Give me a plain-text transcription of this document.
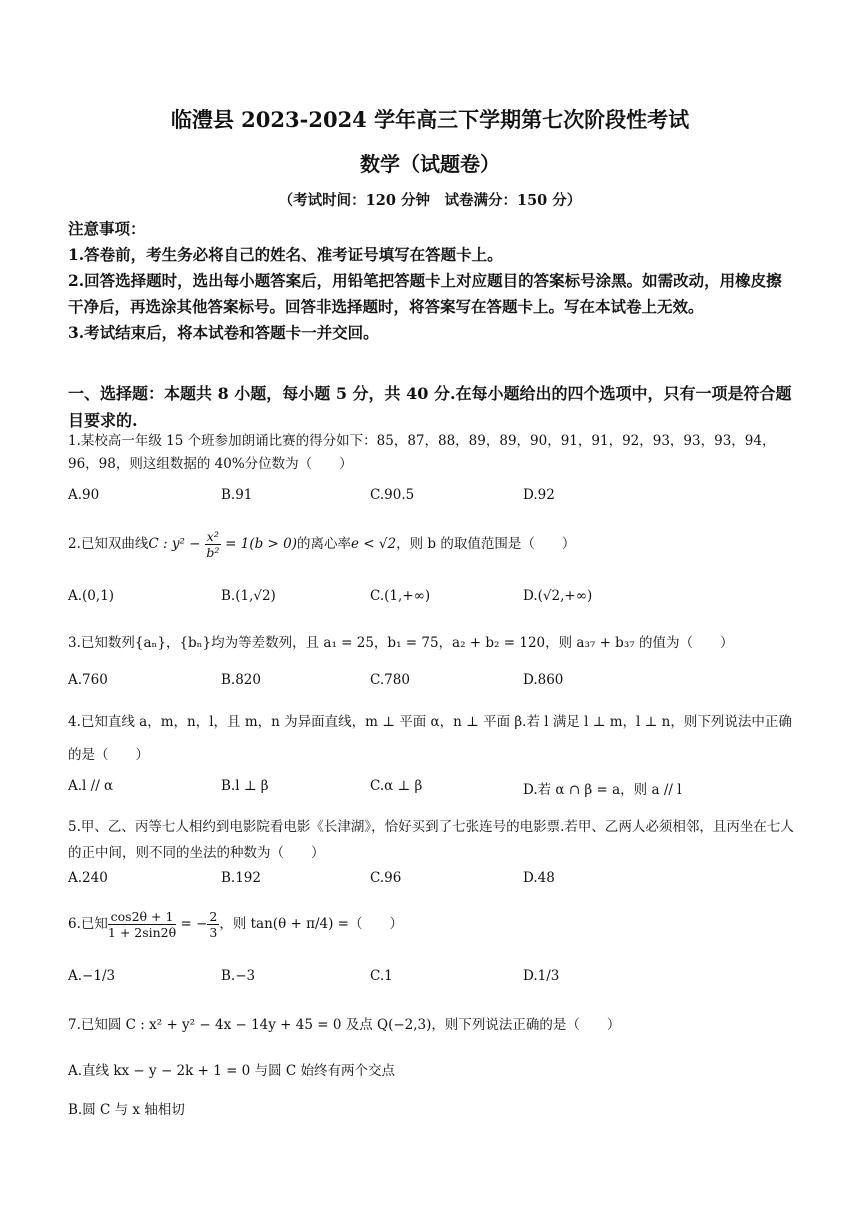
临澧县 2023-2024 学年高三下学期第七次阶段性考试
数学（试题卷）
（考试时间：120 分钟　试卷满分：150 分）

注意事项：

1.答卷前，考生务必将自己的姓名、准考证号填写在答题卡上。

2.回答选择题时，选出每小题答案后，用铅笔把答题卡上对应题目的答案标号涂黑。如需改动，用橡皮擦干净后，再选涂其他答案标号。回答非选择题时，将答案写在答题卡上。写在本试卷上无效。

3.考试结束后，将本试卷和答题卡一并交回。

一、选择题：本题共 8 小题，每小题 5 分，共 40 分.在每小题给出的四个选项中，只有一项是符合题目要求的.
1.某校高一年级 15 个班参加朗诵比赛的得分如下：85，87，88，89，89，90，91，91，92，93，93，93，94，96，98，则这组数据的 40%分位数为（　　）
A.90	B.91	C.90.5	D.92
2.已知双曲线C : $y^2 - \frac{\text{x²}}{\text{b²}} = 1(b > 0)$的离心率e < √2，则 b 的取值范围是（　　）
A.(0,1)	B.(1,√2)	C.(1,+∞)	D.(√2,+∞)
3.已知数列{aₙ}，{bₙ}均为等差数列，且 a₁ = 25，b₁ = 75，a₂ + b₂ = 120，则 a₃₇ + b₃₇ 的值为（　　）
A.760	B.820	C.780	D.860
4.已知直线 a，m，n，l，且 m，n 为异面直线，m ⊥ 平面 α，n ⊥ 平面 β.若 l 满足 l ⊥ m，l ⊥ n，则下列说法中正确的是（　　）
A.l // α	B.l ⊥ β	C.α ⊥ β	D.若 α ∩ β = a，则 a // l
5.甲、乙、丙等七人相约到电影院看电影《长津湖》，恰好买到了七张连号的电影票.若甲、乙两人必须相邻，且丙坐在七人的正中间，则不同的坐法的种数为（　　）
A.240	B.192	C.96	D.48
6.已知 $\frac{\cos 2\theta + 1}{1 + 2\sin 2\theta}$ = − $\frac{2}{3}$ ，则 tan(θ + π/4) =（　　）
A.−1/3	B.−3	C.1	D.1/3
7.已知圆 C : x² + y² − 4x − 14y + 45 = 0 及点 Q(−2,3)，则下列说法正确的是（　　）
A.直线 kx − y − 2k + 1 = 0 与圆 C 始终有两个交点
B.圆 C 与 x 轴相切
